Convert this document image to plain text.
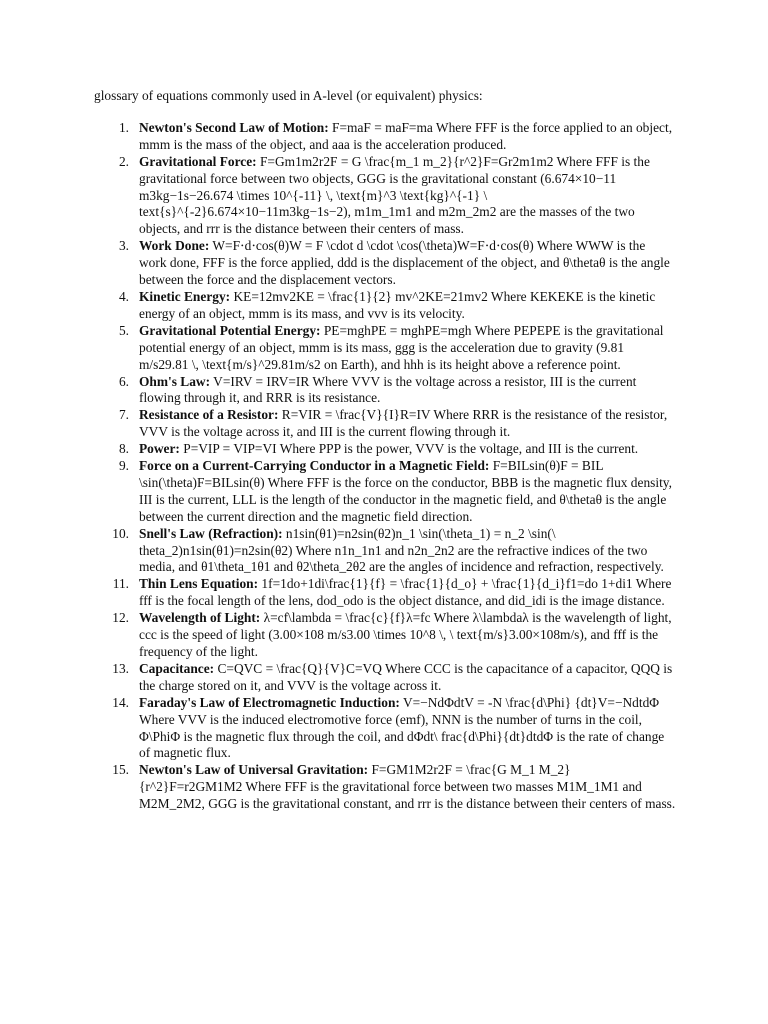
glossary of equations commonly used in A-level (or equivalent) physics:

1. Newton's Second Law of Motion: F=maF = maF=ma Where FFF is the force applied to an object, mmm is the mass of the object, and aaa is the acceleration produced.
2. Gravitational Force: F=Gm1m2r2F = G \frac{m_1 m_2}{r^2}F=Gr2m1m2 Where FFF is the gravitational force between two objects, GGG is the gravitational constant (6.674×10−11 m3kg−1s−26.674 \times 10^{-11} \, \text{m}^3 \text{kg}^{-1} \ text{s}^{-2}6.674×10−11m3kg−1s−2), m1m_1m1 and m2m_2m2 are the masses of the two objects, and rrr is the distance between their centers of mass.
3. Work Done: W=F⋅d⋅cos(θ)W = F \cdot d \cdot \cos(\theta)W=F⋅d⋅cos(θ) Where WWW is the work done, FFF is the force applied, ddd is the displacement of the object, and θ\thetaθ is the angle between the force and the displacement vectors.
4. Kinetic Energy: KE=12mv2KE = \frac{1}{2} mv^2KE=21mv2 Where KEKEKE is the kinetic energy of an object, mmm is its mass, and vvv is its velocity.
5. Gravitational Potential Energy: PE=mghPE = mghPE=mgh Where PEPEPE is the gravitational potential energy of an object, mmm is its mass, ggg is the acceleration due to gravity (9.81 m/s29.81 \, \text{m/s}^29.81m/s2 on Earth), and hhh is its height above a reference point.
6. Ohm's Law: V=IRV = IRV=IR Where VVV is the voltage across a resistor, III is the current flowing through it, and RRR is its resistance.
7. Resistance of a Resistor: R=VIR = \frac{V}{I}R=IV Where RRR is the resistance of the resistor, VVV is the voltage across it, and III is the current flowing through it.
8. Power: P=VIP = VIP=VI Where PPP is the power, VVV is the voltage, and III is the current.
9. Force on a Current-Carrying Conductor in a Magnetic Field: F=BILsin(θ)F = BIL \sin(\theta)F=BILsin(θ) Where FFF is the force on the conductor, BBB is the magnetic flux density, III is the current, LLL is the length of the conductor in the magnetic field, and θ\thetaθ is the angle between the current direction and the magnetic field direction.
10. Snell's Law (Refraction): n1sin(θ1)=n2sin(θ2)n_1 \sin(\theta_1) = n_2 \sin(\ theta_2)n1sin(θ1)=n2sin(θ2) Where n1n_1n1 and n2n_2n2 are the refractive indices of the two media, and θ1\theta_1θ1 and θ2\theta_2θ2 are the angles of incidence and refraction, respectively.
11. Thin Lens Equation: 1f=1do+1di\frac{1}{f} = \frac{1}{d_o} + \frac{1}{d_i}f1=do 1+di1 Where fff is the focal length of the lens, dod_odo is the object distance, and did_idi is the image distance.
12. Wavelength of Light: λ=cf\lambda = \frac{c}{f}λ=fc Where λ\lambdaλ is the wavelength of light, ccc is the speed of light (3.00×108 m/s3.00 \times 10^8 \, \ text{m/s}3.00×108m/s), and fff is the frequency of the light.
13. Capacitance: C=QVC = \frac{Q}{V}C=VQ Where CCC is the capacitance of a capacitor, QQQ is the charge stored on it, and VVV is the voltage across it.
14. Faraday's Law of Electromagnetic Induction: V=−NdΦdtV = -N \frac{d\Phi} {dt}V=−NdtdΦ Where VVV is the induced electromotive force (emf), NNN is the number of turns in the coil, Φ\PhiΦ is the magnetic flux through the coil, and dΦdt\ frac{d\Phi}{dt}dtdΦ is the rate of change of magnetic flux.
15. Newton's Law of Universal Gravitation: F=GM1M2r2F = \frac{G M_1 M_2} {r^2}F=r2GM1M2 Where FFF is the gravitational force between two masses M1M_1M1 and M2M_2M2, GGG is the gravitational constant, and rrr is the distance between their centers of mass.
